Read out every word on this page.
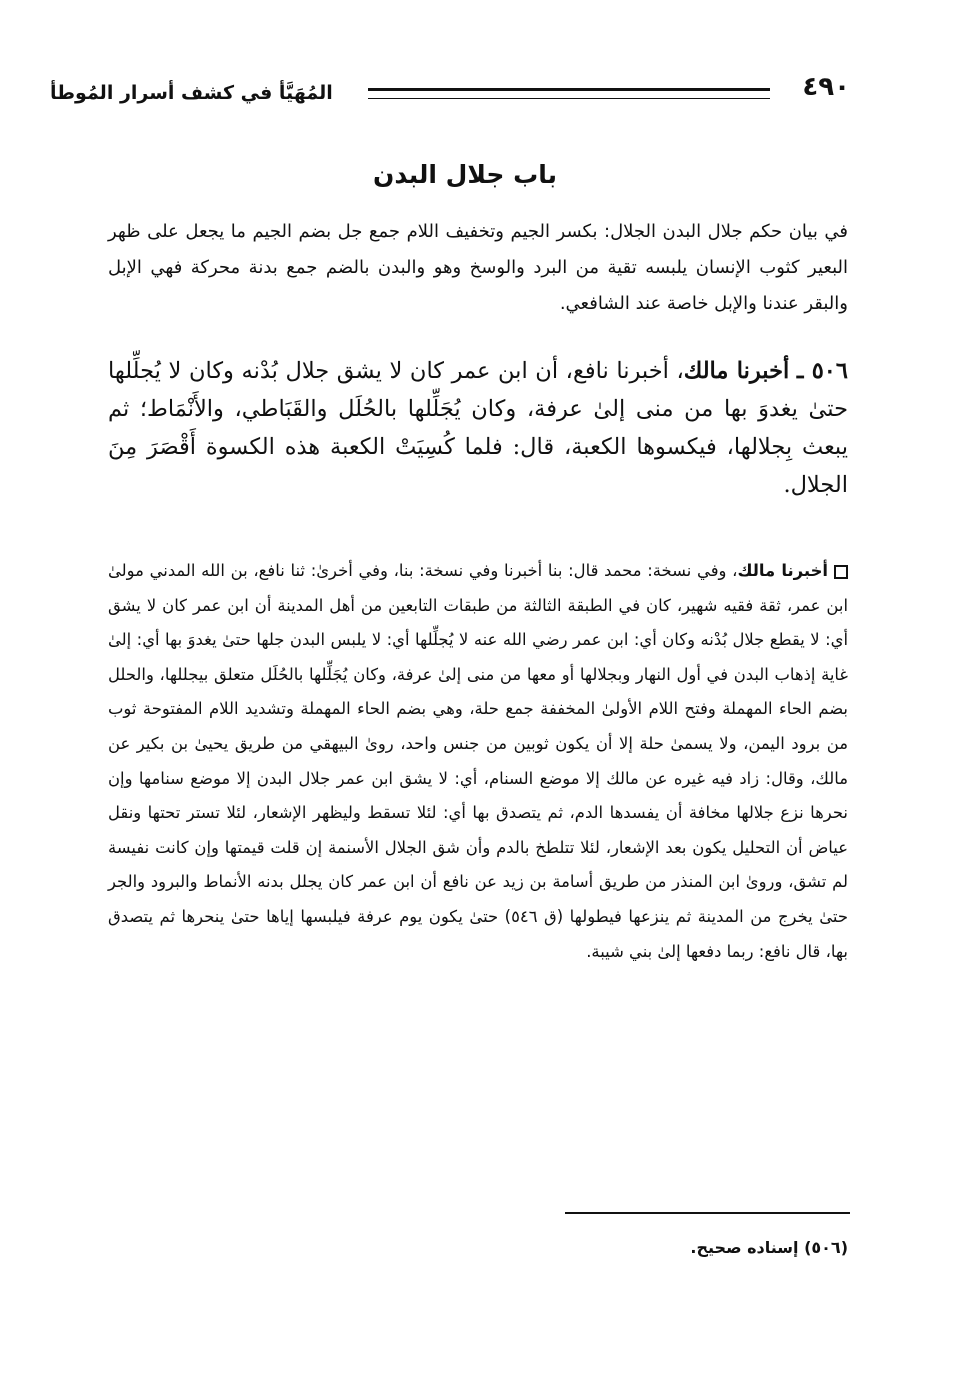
٤٩٠
المُهَيَّأ في كشف أسرار المُوطأ
باب جلال البدن

في بيان حكم جلال البدن الجلال: بكسر الجيم وتخفيف اللام جمع جل بضم الجيم ما يجعل على ظهر البعير كثوب الإنسان يلبسه تقية من البرد والوسخ وهو والبدن بالضم جمع بدنة محركة فهي الإبل والبقر عندنا والإبل خاصة عند الشافعي.

٥٠٦ ـ أخبرنا مالك، أخبرنا نافع، أن ابن عمر كان لا يشق جلال بُدْنه وكان لا يُجلِّلها حتىٰ يغدوَ بها من منى إلىٰ عرفة، وكان يُجَلِّلها بالحُلَل والقَبَاطي، والأَنْمَاط؛ ثم يبعث بِجلالها، فيكسوها الكعبة، قال: فلما كُسِيَتْ الكعبة هذه الكسوة أَقْصَرَ مِنَ الجلال.

أخبرنا مالك، وفي نسخة: محمد قال: بنا أخبرنا وفي نسخة: بنا، وفي أخرىٰ: ثنا نافع، بن الله المدني مولىٰ ابن عمر، ثقة فقيه شهير، كان في الطبقة الثالثة من طبقات التابعين من أهل المدينة أن ابن عمر كان لا يشق أي: لا يقطع جلال بُدْنه وكان أي: ابن عمر رضي الله عنه لا يُجلِّلها أي: لا يلبس البدن جلها حتىٰ يغدوَ بها أي: إلىٰ غاية إذهاب البدن في أول النهار وبجلالها أو معها من منى إلىٰ عرفة، وكان يُجَلِّلها بالحُلَل متعلق بيجللها، والحلل بضم الحاء المهملة وفتح اللام الأولىٰ المخففة جمع حلة، وهي بضم الحاء المهملة وتشديد اللام المفتوحة ثوب من برود اليمن، ولا يسمىٰ حلة إلا أن يكون ثوبين من جنس واحد، روىٰ البيهقي من طريق يحيىٰ بن بكير عن مالك، وقال: زاد فيه غيره عن مالك إلا موضع السنام، أي: لا يشق ابن عمر جلال البدن إلا موضع سنامها وإن نحرها نزع جلالها مخافة أن يفسدها الدم، ثم يتصدق بها أي: لئلا تسقط وليظهر الإشعار، لئلا تستر تحتها ونقل عياض أن التحليل يكون بعد الإشعار، لئلا تتلطخ بالدم وأن شق الجلال الأسنمة إن قلت قيمتها وإن كانت نفيسة لم تشق، وروىٰ ابن المنذر من طريق أسامة بن زيد عن نافع أن ابن عمر كان يجلل بدنه الأنماط والبرود والجر حتىٰ يخرج من المدينة ثم ينزعها فيطولها (ق ٥٤٦) حتىٰ يكون يوم عرفة فيلبسها إياها حتىٰ ينحرها ثم يتصدق بها، قال نافع: ربما دفعها إلىٰ بني شيبة.

(٥٠٦) إسناده صحيح.
